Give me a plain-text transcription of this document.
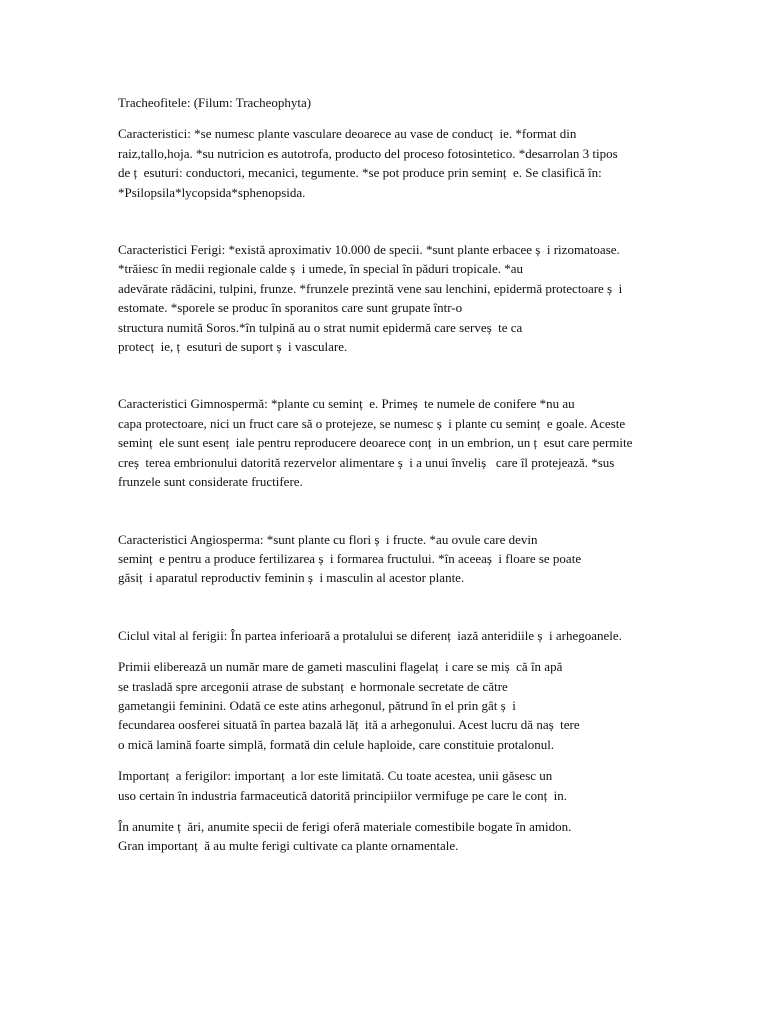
Tracheofitele: (Filum: Tracheophyta)
Caracteristici: *se numesc plante vasculare deoarece au vase de conducț  ie. *format din
raiz,tallo,hoja. *su nutricion es autotrofa, producto del proceso fotosintetico. *desarrolan 3 tipos
de ț  esuturi: conductori, mecanici, tegumente. *se pot produce prin seminț  e. Se clasifică în:
*Psilopsila*lycopsida*sphenopsida.
Caracteristici Ferigi: *există aproximativ 10.000 de specii. *sunt plante erbacee ș  i rizomatoase.
*trăiesc în medii regionale calde ș  i umede, în special în păduri tropicale. *au
adevărate rădăcini, tulpini, frunze. *frunzele prezintă vene sau lenchini, epidermă protectoare ș  i
estomate. *sporele se produc în sporanitos care sunt grupate într-o
structura numită Soros.*în tulpină au o strat numit epidermă care serveș  te ca
protecț  ie, ț  esuturi de suport ș  i vasculare.
Caracteristici Gimnospermă: *plante cu seminț  e. Primeș  te numele de conifere *nu au
capa protectoare, nici un fruct care să o protejeze, se numesc ș  i plante cu seminț  e goale. Aceste
seminț  ele sunt esenț  iale pentru reproducere deoarece conț  in un embrion, un ț  esut care permite
creș  terea embrionului datorită rezervelor alimentare ș  i a unui înveliș   care îl protejează. *sus
frunzele sunt considerate fructifere.
Caracteristici Angiosperma: *sunt plante cu flori ș  i fructe. *au ovule care devin
seminț  e pentru a produce fertilizarea ș  i formarea fructului. *în aceeaș  i floare se poate
găsiț  i aparatul reproductiv feminin ș  i masculin al acestor plante.
Ciclul vital al ferigii: În partea inferioară a protalului se diferenț  iază anteridiile ș  i arhegoanele.
Primii eliberează un număr mare de gameti masculini flagelaț  i care se miș  că în apă
se trasladă spre arcegonii atrase de substanț  e hormonale secretate de către
gametangii feminini. Odată ce este atins arhegonul, pătrund în el prin gât ș  i
fecundarea oosferei situată în partea bazală lăț  ită a arhegonului. Acest lucru dă naș  tere
o mică lamină foarte simplă, formată din celule haploide, care constituie protalonul.
Importanț  a ferigilor: importanț  a lor este limitată. Cu toate acestea, unii găsesc un
uso certain în industria farmaceutică datorită principiilor vermifuge pe care le conț  in.
În anumite ț  ări, anumite specii de ferigi oferă materiale comestibile bogate în amidon.
Gran importanț  ă au multe ferigi cultivate ca plante ornamentale.
